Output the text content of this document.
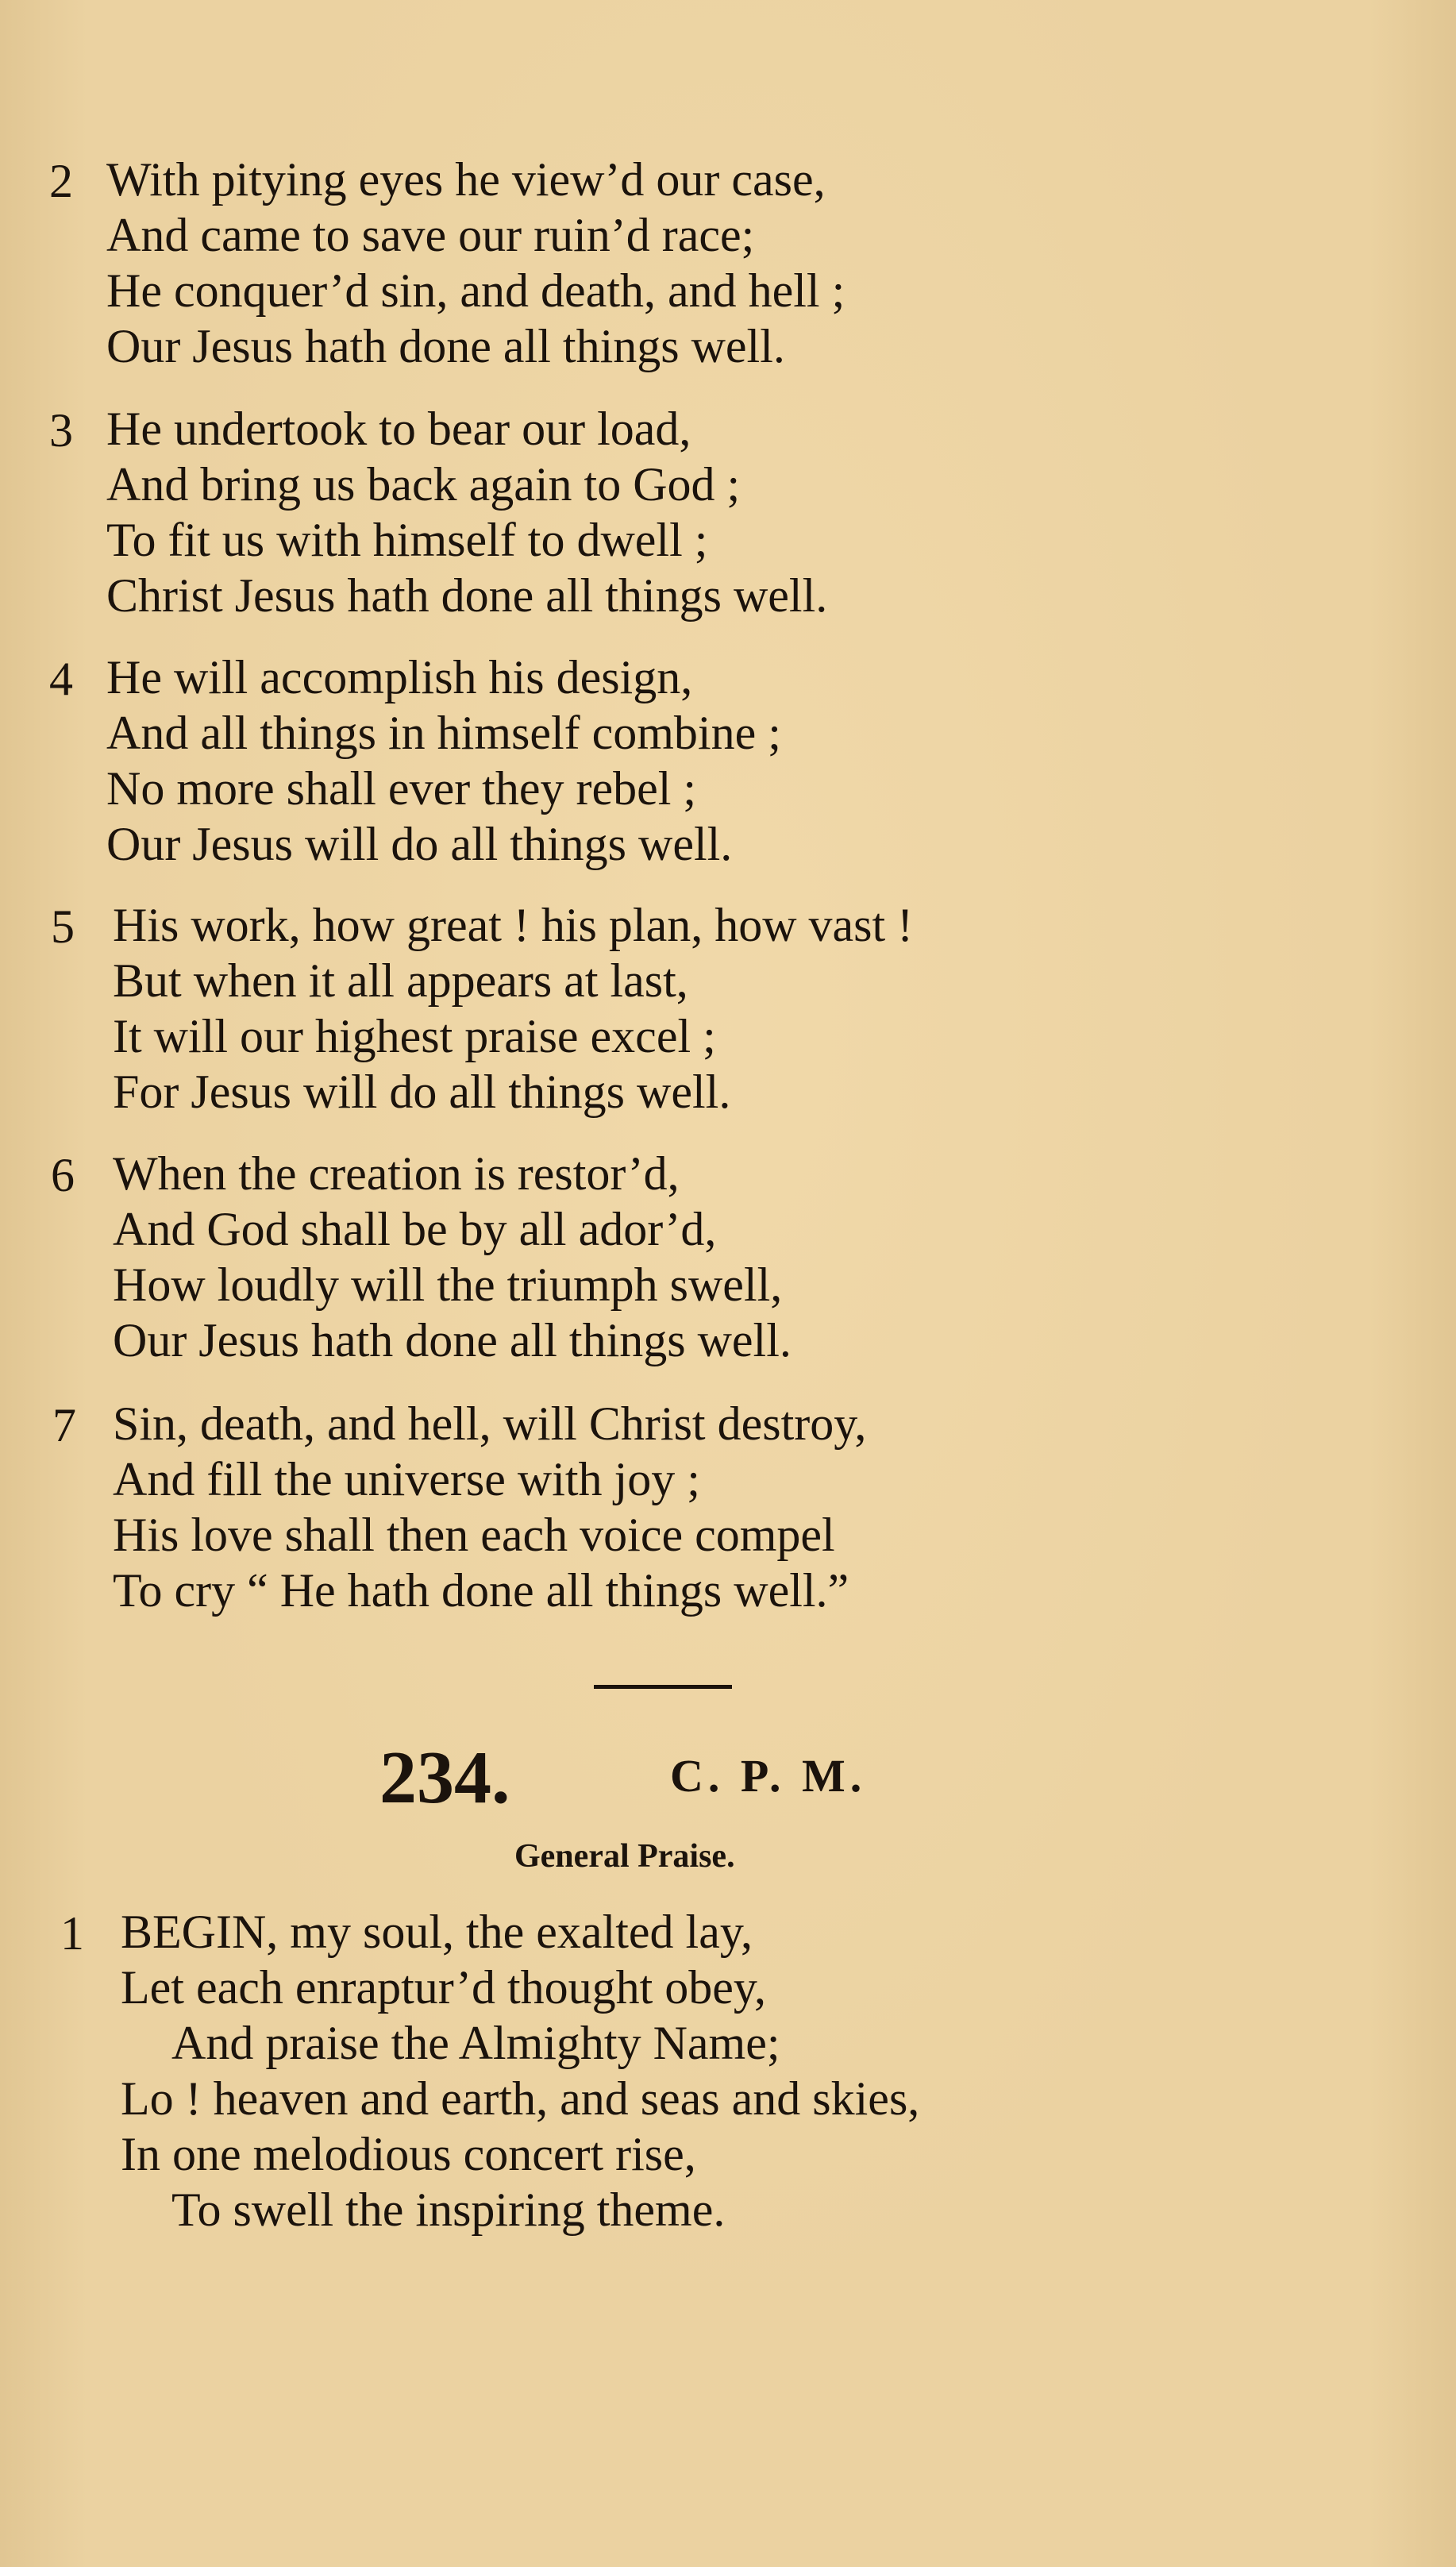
2 With pitying eyes he view’d our case,
And came to save our ruin’d race;
He conquer’d sin, and death, and hell ;
Our Jesus hath done all things well.
3 He undertook to bear our load,
And bring us back again to God ;
To fit us with himself to dwell ;
Christ Jesus hath done all things well.
4 He will accomplish his design,
And all things in himself combine ;
No more shall ever they rebel ;
Our Jesus will do all things well.
5 His work, how great ! his plan, how vast !
But when it all appears at last,
It will our highest praise excel ;
For Jesus will do all things well.
6 When the creation is restor’d,
And God shall be by all ador’d,
How loudly will the triumph swell,
Our Jesus hath done all things well.
7 Sin, death, and hell, will Christ destroy,
And fill the universe with joy ;
His love shall then each voice compel
To cry “ He hath done all things well.”
234.	C. P. M.
General Praise.
1 BEGIN, my soul, the exalted lay,
Let each enraptur’d thought obey,
And praise the Almighty Name;
Lo ! heaven and earth, and seas and skies,
In one melodious concert rise,
To swell the inspiring theme.
